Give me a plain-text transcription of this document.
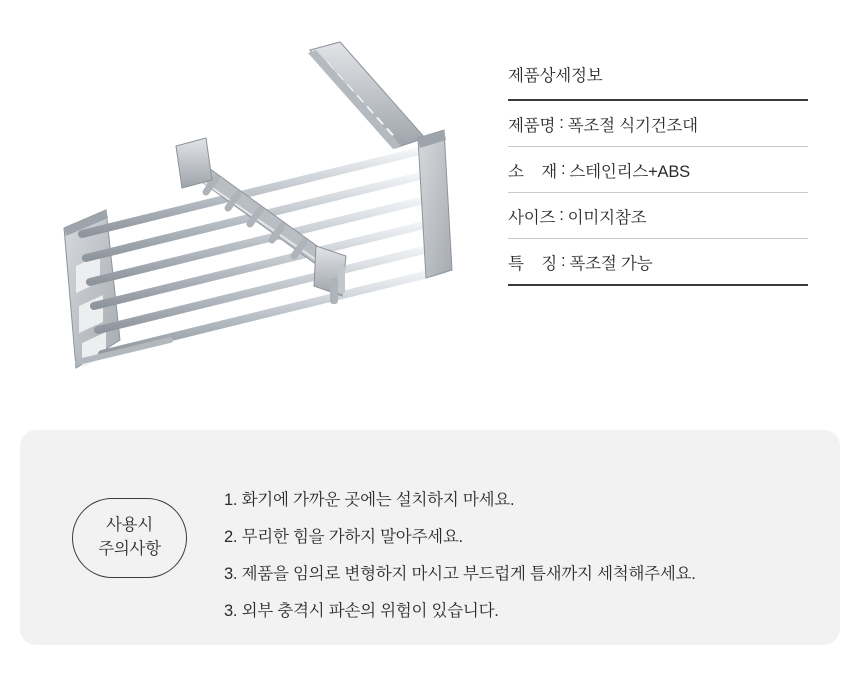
제품상세정보
제품명 : 폭조절 식기건조대
소    재 : 스테인리스+ABS
사이즈 : 이미지참조
특    징 : 폭조절 가능
사용시
주의사항
1. 화기에 가까운 곳에는 설치하지 마세요.
2. 무리한 힘을 가하지 말아주세요.
3. 제품을 임의로 변형하지 마시고 부드럽게 틈새까지 세척해주세요.
3. 외부 충격시 파손의 위험이 있습니다.
